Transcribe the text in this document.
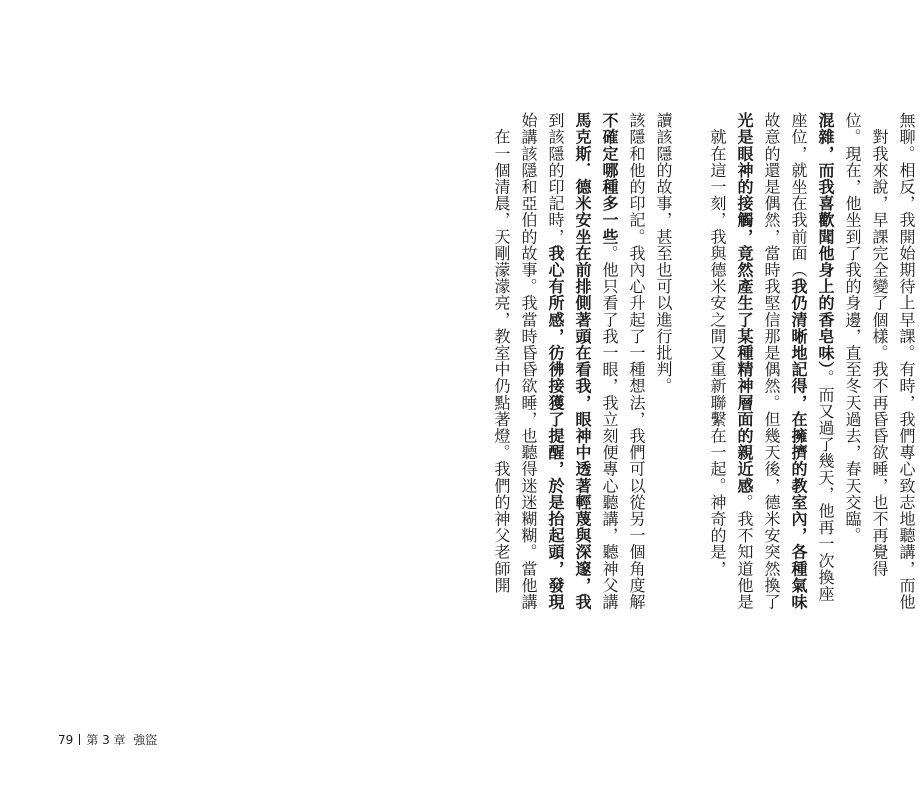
　在一個清晨，天剛濛濛亮，教室中仍點著燈。我們的神父老師開 始講該隱和亞伯的故事。我當時昏昏欲睡，也聽得迷迷糊糊。當他講 到該隱的印記時，我心有所感，彷彿接獲了提醒，於是抬起頭，發現 馬克斯．德米安坐在前排側著頭在看我，眼神中透著輕蔑與深邃，我 不確定哪種多一些。他只看了我一眼，我立刻便專心聽講，聽神父講 該隱和他的印記。我內心升起了一種想法，我們可以從另一個角度解 讀該隱的故事，甚至也可以進行批判。 　就在這一刻，我與德米安之間又重新聯繫在一起。神奇的是， 光是眼神的接觸，竟然產生了某種精神層面的親近感。我不知道他是 故意的還是偶然，當時我堅信那是偶然。但幾天後，德米安突然換了 座位，就坐在我前面（我仍清晰地記得，在擁擠的教室內，各種氣味
混雜，而我喜歡聞他身上的香皂味）。而又過了幾天，他再一次換座 位。現在，他坐到了我的身邊，直至冬天過去，春天交臨。 　對我來說，早課完全變了個樣。我不再昏昏欲睡，也不再覺得 無聊。相反，我開始期待上早課。有時，我們專心致志地聽講，而他
79 第 3 章 強盜
